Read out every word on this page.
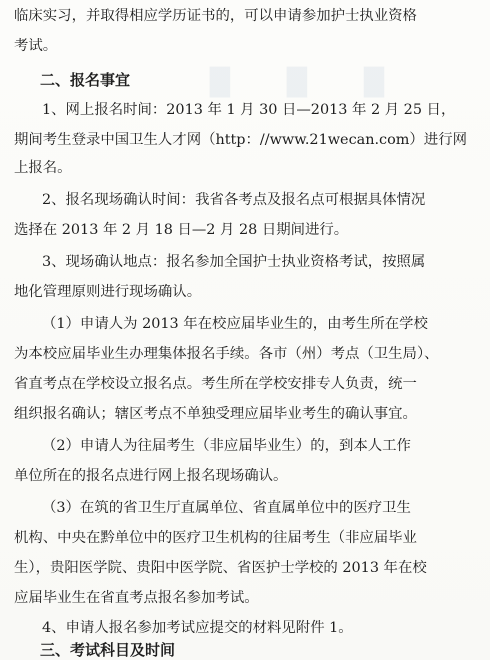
█ █ █
临床实习，并取得相应学历证书的，可以申请参加护士执业资格
考试。
二、报名事宜
1、网上报名时间：2013 年 1 月 30 日—2013 年 2 月 25 日，
期间考生登录中国卫生人才网（http：//www.21wecan.com）进行网
上报名。
2、报名现场确认时间：我省各考点及报名点可根据具体情况
选择在 2013 年 2 月 18 日—2 月 28 日期间进行。
3、现场确认地点：报名参加全国护士执业资格考试，按照属
地化管理原则进行现场确认。
（1）申请人为 2013 年在校应届毕业生的，由考生所在学校
为本校应届毕业生办理集体报名手续。各市（州）考点（卫生局）、
省直考点在学校设立报名点。考生所在学校安排专人负责，统一
组织报名确认；辖区考点不单独受理应届毕业考生的确认事宜。
（2）申请人为往届考生（非应届毕业生）的，到本人工作
单位所在的报名点进行网上报名现场确认。
（3）在筑的省卫生厅直属单位、省直属单位中的医疗卫生
机构、中央在黔单位中的医疗卫生机构的往届考生（非应届毕业
生），贵阳医学院、贵阳中医学院、省医护士学校的 2013 年在校
应届毕业生在省直考点报名参加考试。
4、申请人报名参加考试应提交的材料见附件 1。
三、考试科目及时间
